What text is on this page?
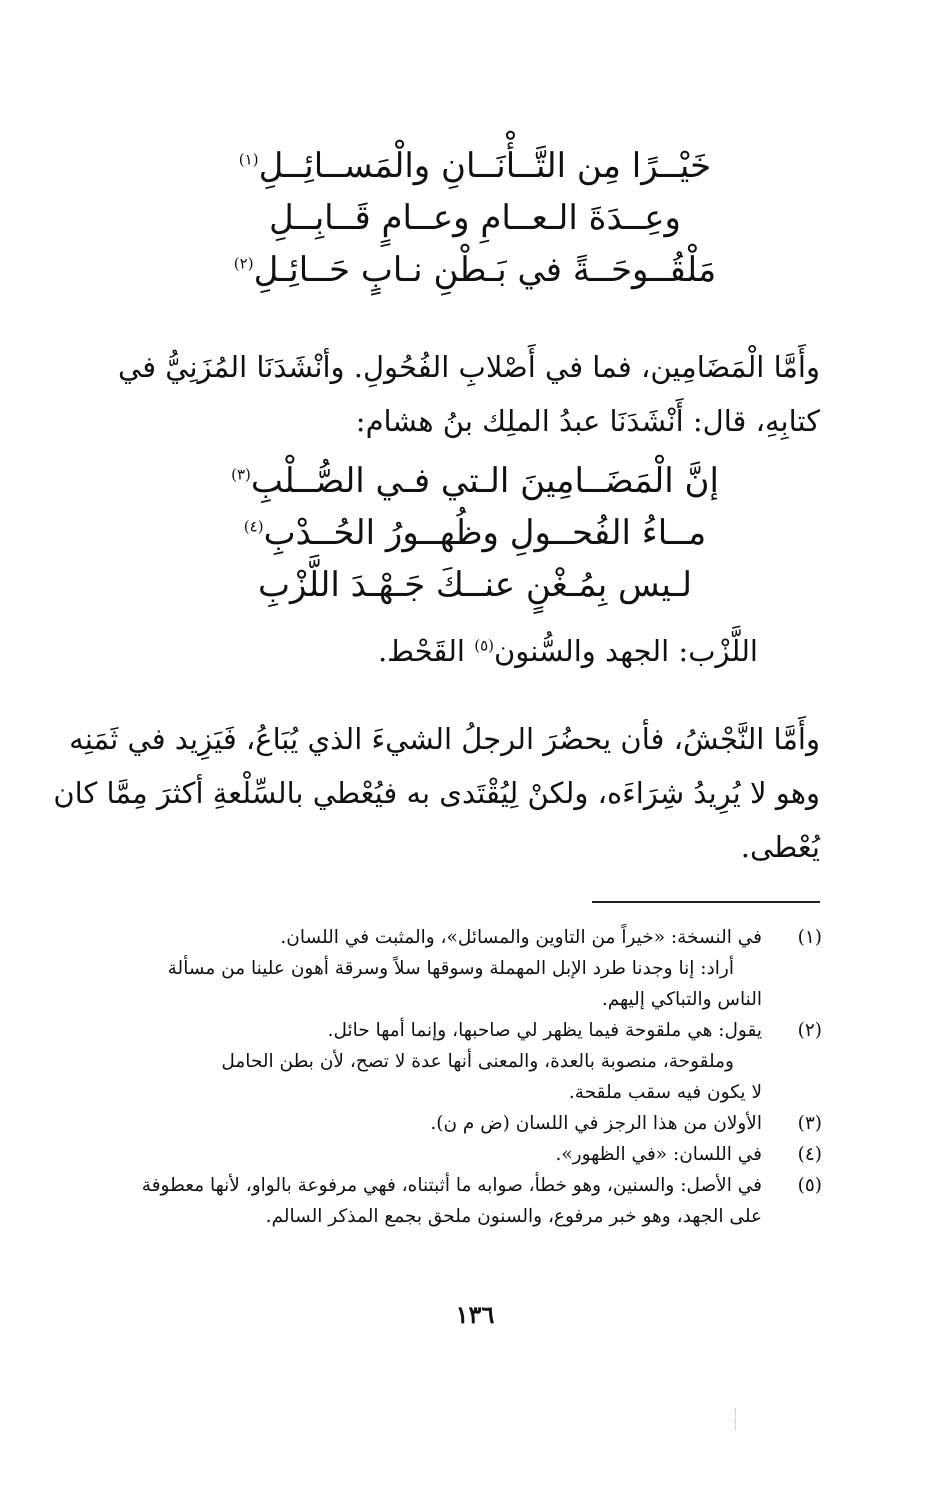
خَيْــرًا مِن التَّــأْنَــانِ والْمَســائِــلِ$^{(١)}$
وعِــدَةَ الـعــامِ وعــامٍ قَــابِــلِ
مَلْقُــوحَــةً في بَـطْنِ نـابٍ حَــائِـلِ$^{(٢)}$
وأَمَّا الْمَضَامِين، فما في أَصْلابِ الفُحُولِ. وأنْشَدَنَا المُزَنِيُّ في
كتابِهِ، قال: أَنْشَدَنَا عبدُ الملِك بنُ هشام:
إنَّ الْمَضَــامِينَ الـتي فـي الصُّــلْبِ$^{(٣)}$
مــاءُ الفُحــولِ وظُهــورُ الحُــدْبِ$^{(٤)}$
لـيس بِمُـغْنٍ عنــكَ جَـهْـدَ اللَّزْبِ
اللَّزْب: الجهد والسُّنون$^{(٥)}$ القَحْط.
وأَمَّا النَّجْشُ، فأن يحضُرَ الرجلُ الشيءَ الذي يُبَاعُ، فَيَزِيد في ثَمَنِه
وهو لا يُرِيدُ شِرَاءَه، ولكنْ لِيُقْتَدى به فيُعْطي بالسِّلْعةِ أكثرَ مِمَّا كان
يُعْطى.
(١)
في النسخة: «خيراً من التاوين والمسائل»، والمثبت في اللسان.
أراد: إنا وجدنا طرد الإبل المهملة وسوقها سلاً وسرقة أهون علينا من مسألة
الناس والتباكي إليهم.
(٢)
يقول: هي ملقوحة فيما يظهر لي صاحبها، وإنما أمها حائل.
وملقوحة، منصوبة بالعدة، والمعنى أنها عدة لا تصح، لأن بطن الحامل
لا يكون فيه سقب ملقحة.
(٣)
الأولان من هذا الرجز في اللسان (ض م ن).
(٤)
في اللسان: «في الظهور».
(٥)
في الأصل: والسنين، وهو خطأ، صوابه ما أثبتناه، فهي مرفوعة بالواو، لأنها معطوفة
على الجهد، وهو خبر مرفوع، والسنون ملحق بجمع المذكر السالم.
١٣٦
